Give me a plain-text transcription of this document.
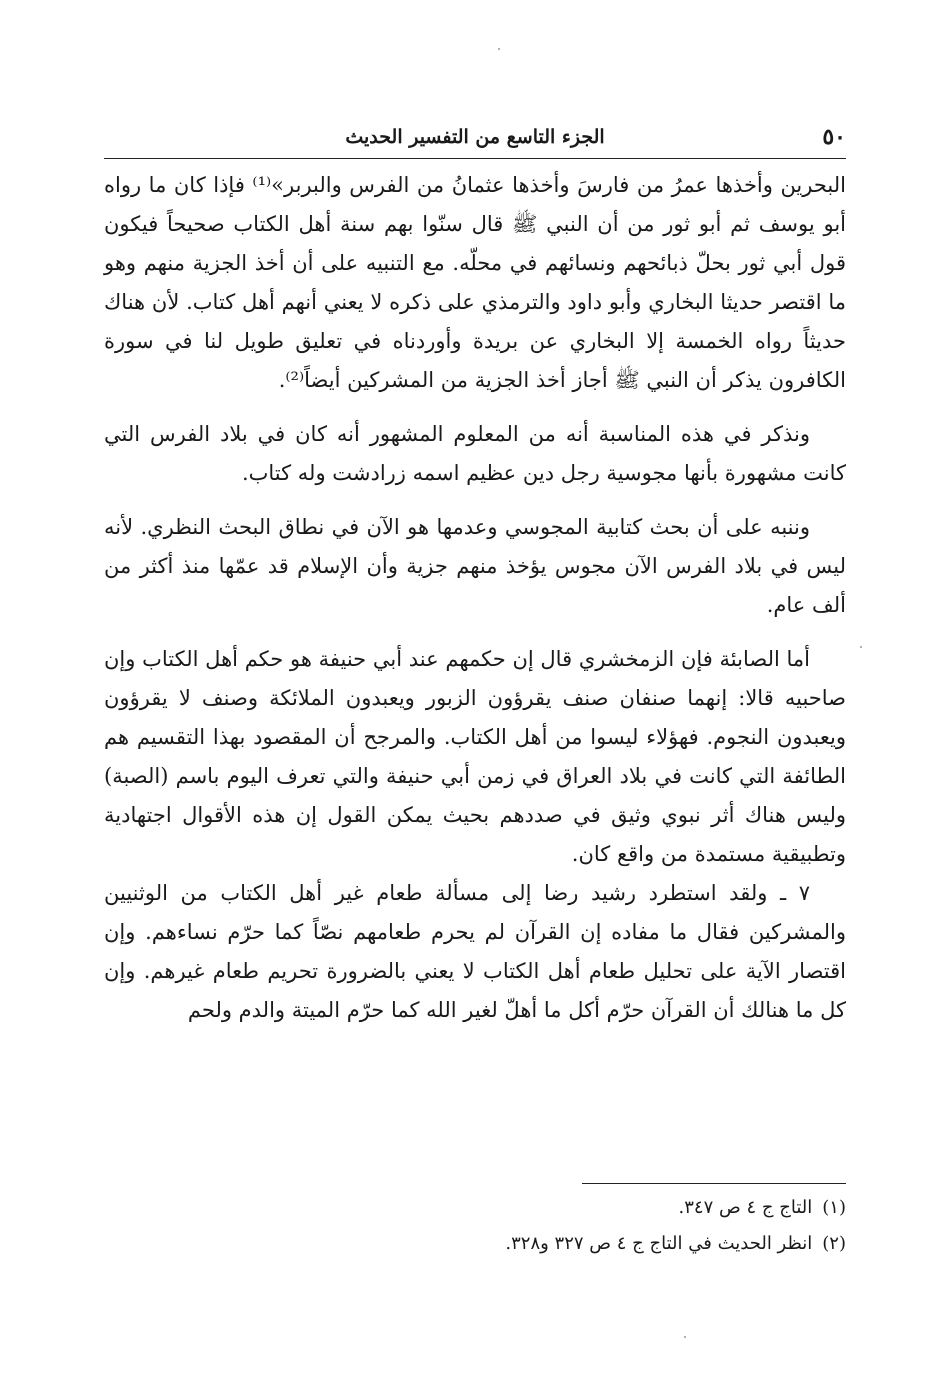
٥٠
الجزء التاسع من التفسير الحديث

البحرين وأخذها عمرُ من فارسَ وأخذها عثمانُ من الفرس والبربر»⁽¹⁾ فإذا كان ما رواه أبو يوسف ثم أبو ثور من أن النبي ﷺ قال سنّوا بهم سنة أهل الكتاب صحيحاً فيكون قول أبي ثور بحلّ ذبائحهم ونسائهم في محلّه. مع التنبيه على أن أخذ الجزية منهم وهو ما اقتصر حديثا البخاري وأبو داود والترمذي على ذكره لا يعني أنهم أهل كتاب. لأن هناك حديثاً رواه الخمسة إلا البخاري عن بريدة وأوردناه في تعليق طويل لنا في سورة الكافرون يذكر أن النبي ﷺ أجاز أخذ الجزية من المشركين أيضاً⁽²⁾.

ونذكر في هذه المناسبة أنه من المعلوم المشهور أنه كان في بلاد الفرس التي كانت مشهورة بأنها مجوسية رجل دين عظيم اسمه زرادشت وله كتاب.

وننبه على أن بحث كتابية المجوسي وعدمها هو الآن في نطاق البحث النظري. لأنه ليس في بلاد الفرس الآن مجوس يؤخذ منهم جزية وأن الإسلام قد عمّها منذ أكثر من ألف عام.

أما الصابئة فإن الزمخشري قال إن حكمهم عند أبي حنيفة هو حكم أهل الكتاب وإن صاحبيه قالا: إنهما صنفان صنف يقرؤون الزبور ويعبدون الملائكة وصنف لا يقرؤون ويعبدون النجوم. فهؤلاء ليسوا من أهل الكتاب. والمرجح أن المقصود بهذا التقسيم هم الطائفة التي كانت في بلاد العراق في زمن أبي حنيفة والتي تعرف اليوم باسم (الصبة) وليس هناك أثر نبوي وثيق في صددهم بحيث يمكن القول إن هذه الأقوال اجتهادية وتطبيقية مستمدة من واقع كان.

٧ ـ ولقد استطرد رشيد رضا إلى مسألة طعام غير أهل الكتاب من الوثنيين والمشركين فقال ما مفاده إن القرآن لم يحرم طعامهم نصّاً كما حرّم نساءهم. وإن اقتصار الآية على تحليل طعام أهل الكتاب لا يعني بالضرورة تحريم طعام غيرهم. وإن كل ما هنالك أن القرآن حرّم أكل ما أهلّ لغير الله كما حرّم الميتة والدم ولحم

(١)التاج ج ٤ ص ٣٤٧.

(٢)انظر الحديث في التاج ج ٤ ص ٣٢٧ و٣٢٨.
